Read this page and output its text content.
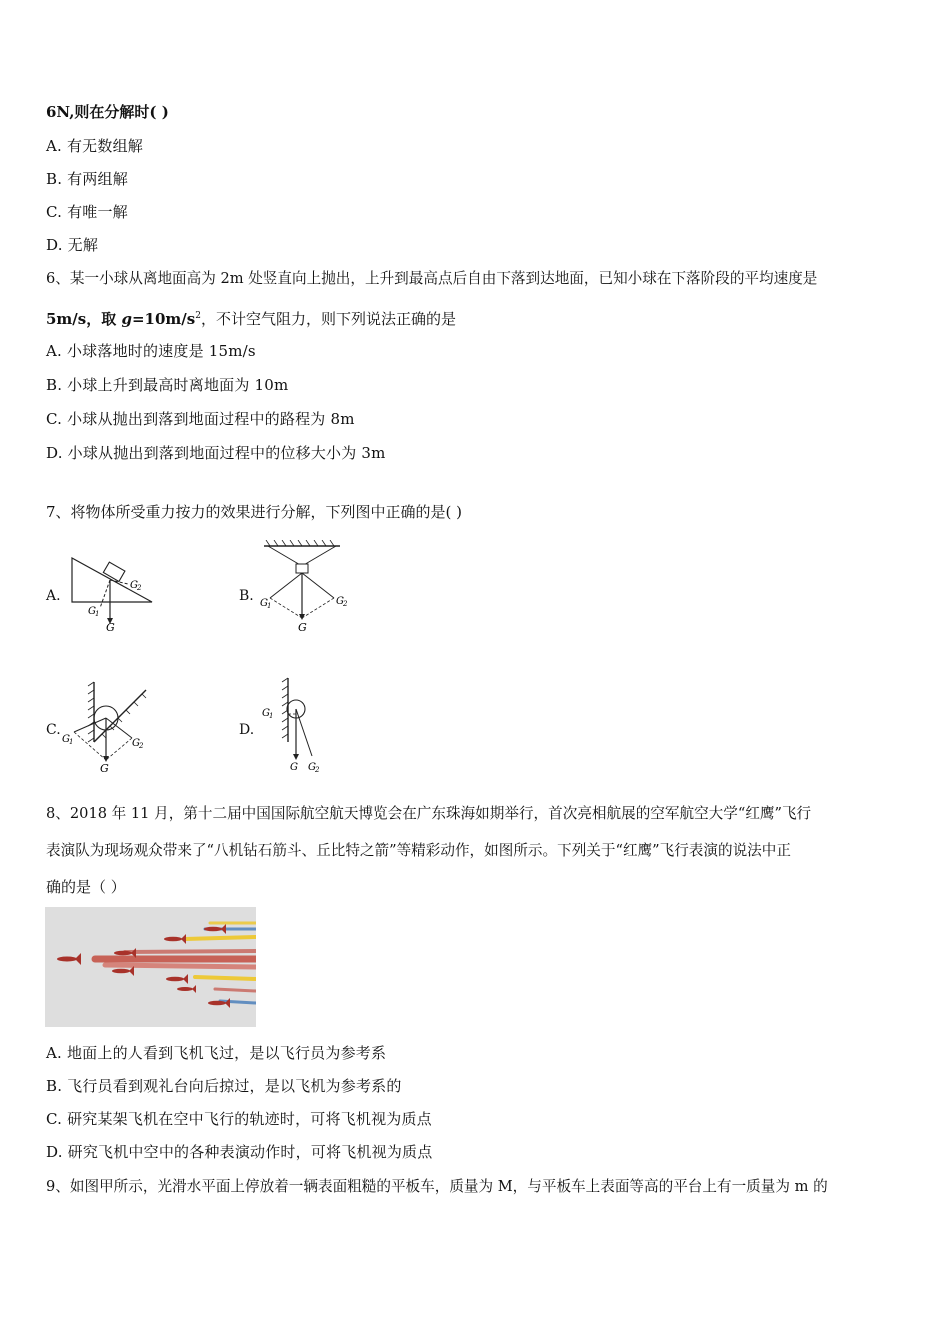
6N,则在分解时( )
A. 有无数组解
B. 有两组解
C. 有唯一解
D. 无解
6、某一小球从离地面高为 2m 处竖直向上抛出，上升到最高点后自由下落到达地面，已知小球在下落阶段的平均速度是
5m/s，取 $g=10m/s^2$，不计空气阻力，则下列说法正确的是
A. 小球落地时的速度是 15m/s
B. 小球上升到最高时离地面为 10m
C. 小球从抛出到落到地面过程中的路程为 8m
D. 小球从抛出到落到地面过程中的位移大小为 3m
7、将物体所受重力按力的效果进行分解，下列图中正确的是( )
A.
G 2
G 1
G
B. G 1	G 2
G
C.
G 1	G 2
G
D.
G 1
G G 2
8、2018 年 11 月，第十二届中国国际航空航天博览会在广东珠海如期举行，首次亮相航展的空军航空大学“红鹰”飞行
表演队为现场观众带来了“八机钻石筋斗、丘比特之箭”等精彩动作，如图所示。下列关于“红鹰”飞行表演的说法中正
确的是（ ）
A. 地面上的人看到飞机飞过，是以飞行员为参考系
B. 飞行员看到观礼台向后掠过，是以飞机为参考系的
C. 研究某架飞机在空中飞行的轨迹时，可将飞机视为质点
D. 研究飞机中空中的各种表演动作时，可将飞机视为质点
9、如图甲所示，光滑水平面上停放着一辆表面粗糙的平板车，质量为 M，与平板车上表面等高的平台上有一质量为 m 的
